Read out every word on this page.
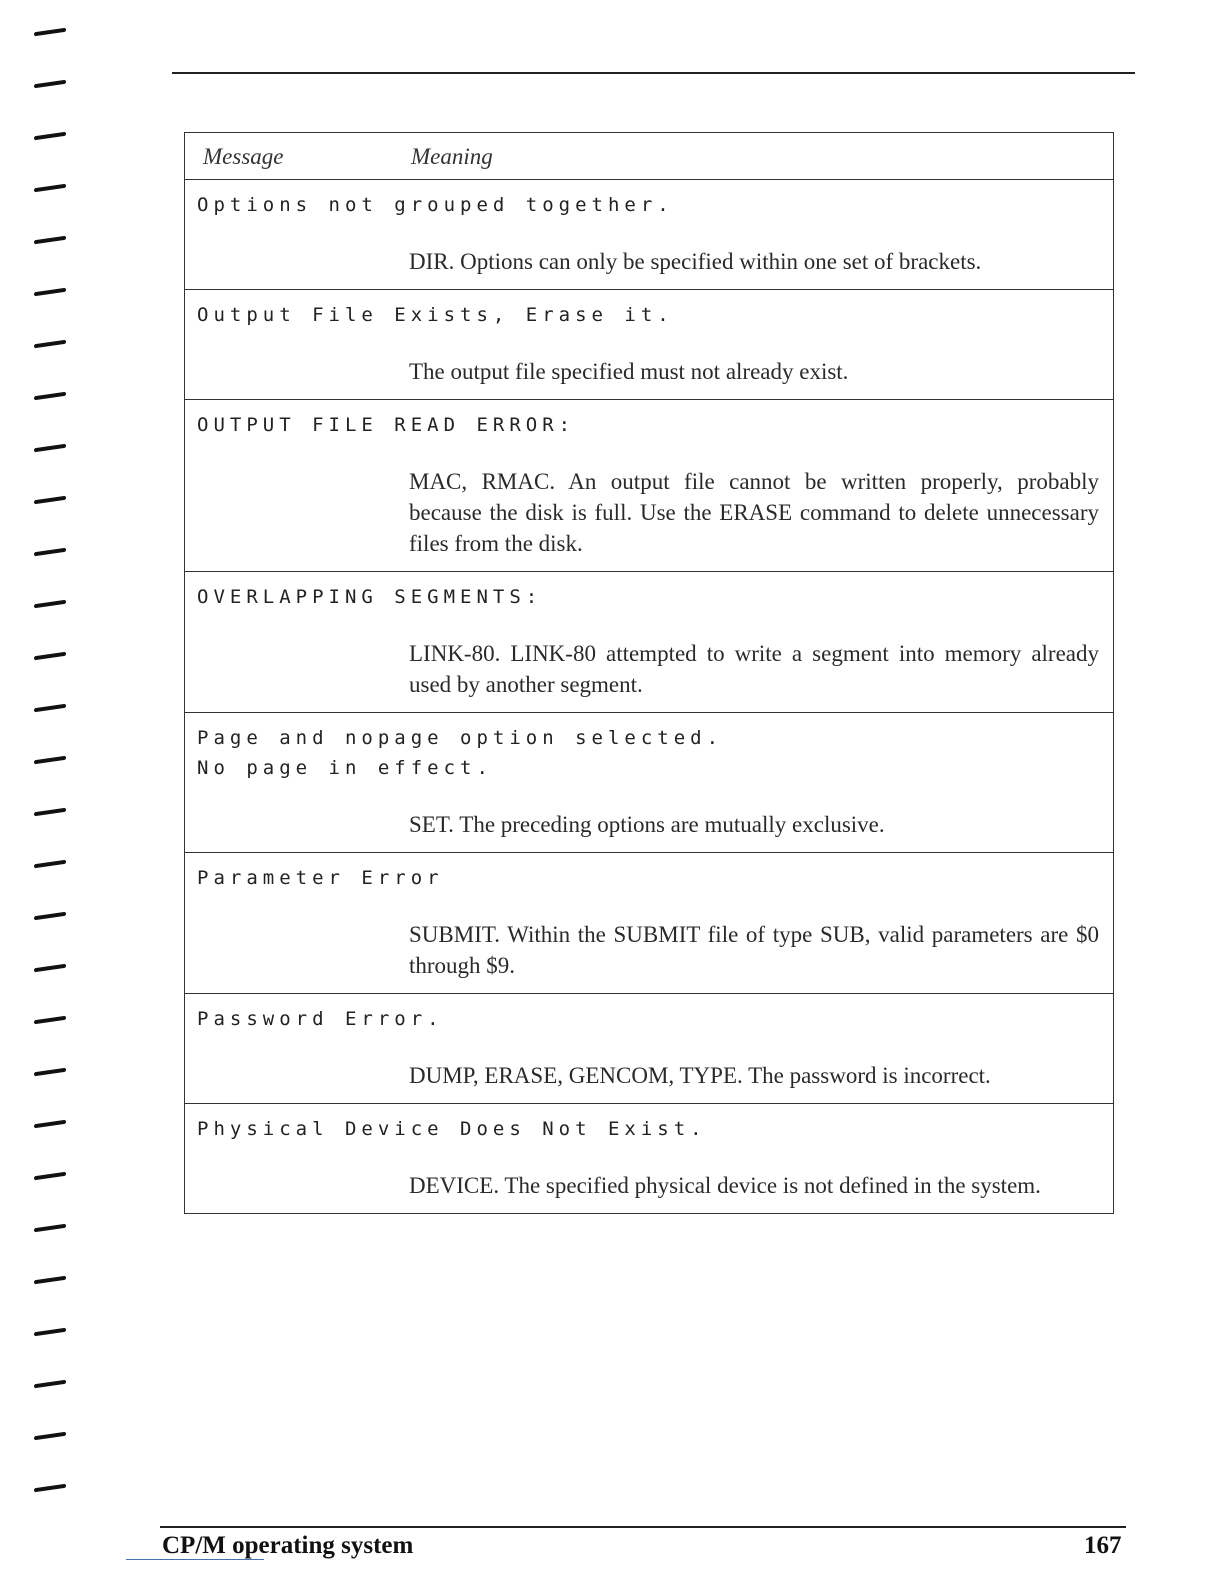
Message	Meaning
Options not grouped together.
DIR. Options can only be specified within one set of brackets.
Output File Exists, Erase it.
The output file specified must not already exist.
OUTPUT FILE READ ERROR:
MAC, RMAC. An output file cannot be written properly, probably because the disk is full. Use the ERASE command to delete unnecessary files from the disk.
OVERLAPPING SEGMENTS:
LINK-80. LINK-80 attempted to write a segment into memory already used by another segment.
Page and nopage option selected.
No page in effect.
SET. The preceding options are mutually exclusive.
Parameter Error
SUBMIT. Within the SUBMIT file of type SUB, valid parameters are $0 through $9.
Password Error.
DUMP, ERASE, GENCOM, TYPE. The password is incorrect.
Physical Device Does Not Exist.
DEVICE. The specified physical device is not defined in the system.
CP/M operating system	167
